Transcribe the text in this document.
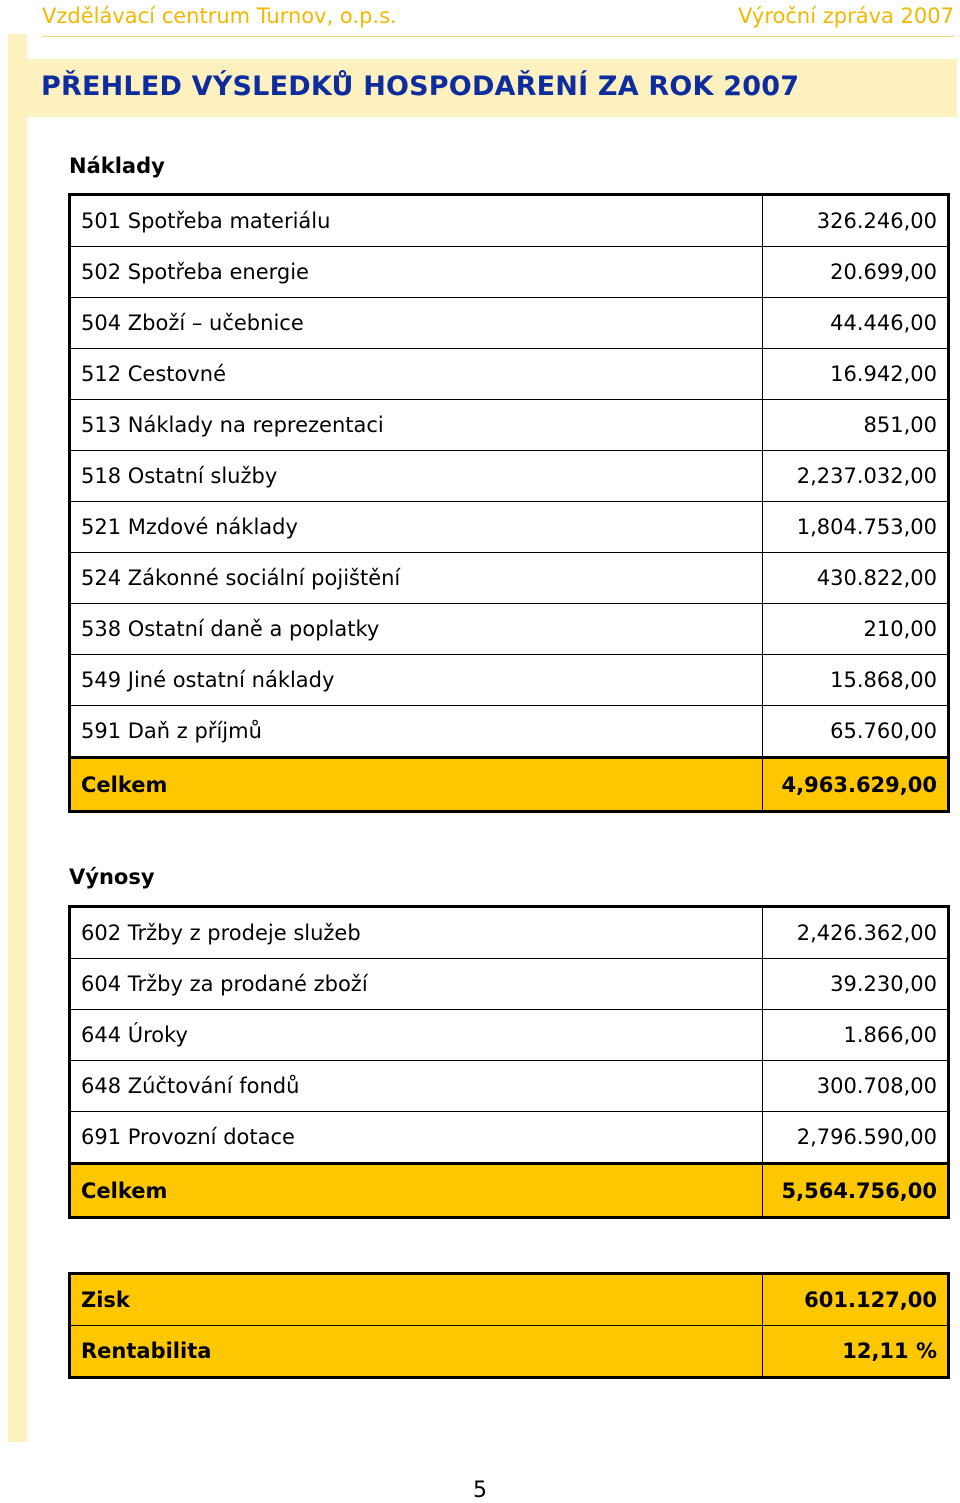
Vzdělávací centrum Turnov, o.p.s.	Výroční zpráva 2007
PŘEHLED VÝSLEDKŮ HOSPODAŘENÍ ZA ROK 2007
Náklady
501 Spotřeba materiálu	326.246,00
502 Spotřeba energie	20.699,00
504 Zboží – učebnice	44.446,00
512 Cestovné	16.942,00
513 Náklady na reprezentaci	851,00
518 Ostatní služby	2,237.032,00
521 Mzdové náklady	1,804.753,00
524 Zákonné sociální pojištění	430.822,00
538 Ostatní daně a poplatky	210,00
549 Jiné ostatní náklady	15.868,00
591 Daň z příjmů	65.760,00
Celkem	4,963.629,00
Výnosy
602 Tržby z prodeje služeb	2,426.362,00
604 Tržby za prodané zboží	39.230,00
644 Úroky	1.866,00
648 Zúčtování fondů	300.708,00
691 Provozní dotace	2,796.590,00
Celkem	5,564.756,00
Zisk	601.127,00
Rentabilita	12,11 %
5
